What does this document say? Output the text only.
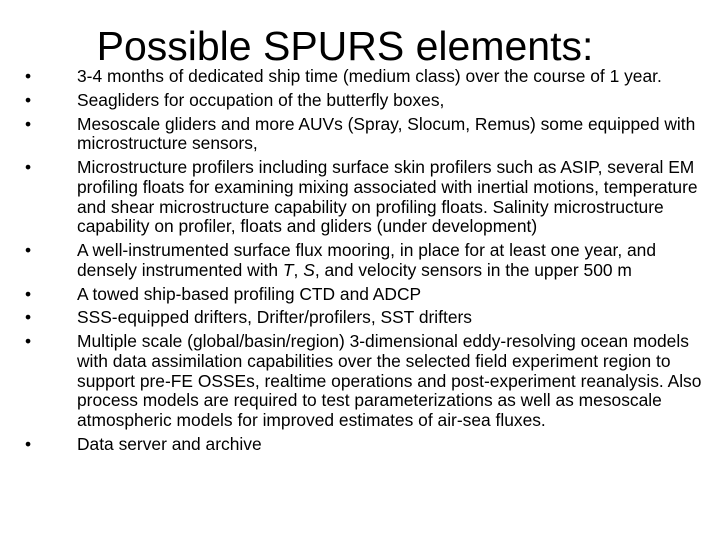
Possible SPURS elements:
•	3-4 months of dedicated ship time (medium class) over the course of 1 year.
•	Seagliders for occupation of the butterfly boxes,
•	Mesoscale gliders and more AUVs (Spray, Slocum, Remus) some equipped with microstructure sensors,
•	Microstructure profilers including surface skin profilers such as ASIP, several EM profiling floats for examining mixing associated with inertial motions, temperature and shear microstructure capability on profiling floats. Salinity microstructure capability on profiler, floats and gliders (under development)
•	A well-instrumented surface flux mooring, in place for at least one year, and densely instrumented with T, S, and velocity sensors in the upper 500 m
•	A towed ship-based profiling CTD and ADCP
•	SSS-equipped drifters, Drifter/profilers, SST drifters
•	Multiple scale (global/basin/region) 3-dimensional eddy-resolving ocean models with data assimilation capabilities over the selected field experiment region to support pre-FE OSSEs, realtime operations and post-experiment reanalysis. Also process models are required to test parameterizations as well as mesoscale atmospheric models for improved estimates of air-sea fluxes.
•	Data server and archive
